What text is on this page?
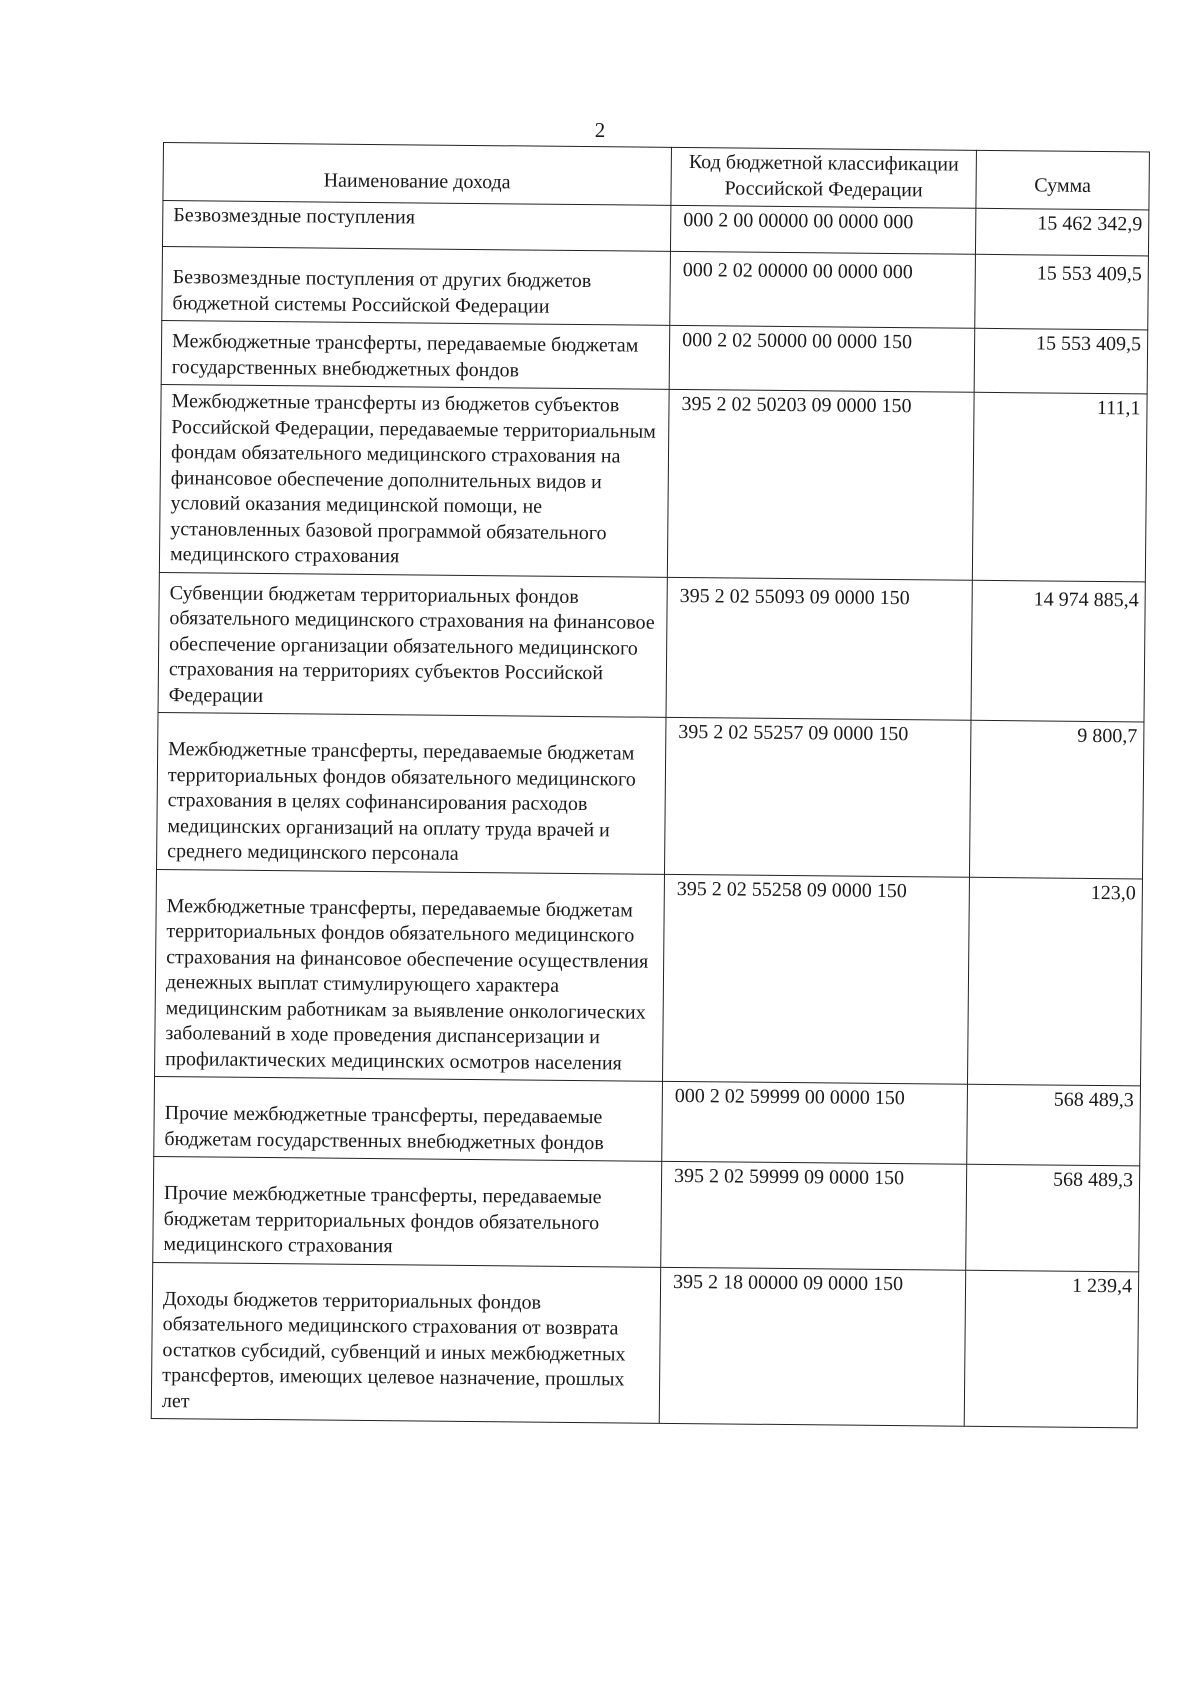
2
Наименование дохода	Код бюджетной классификации Российской Федерации	Сумма
Безвозмездные поступления	000 2 00 00000 00 0000 000	15 462 342,9
Безвозмездные поступления от других бюджетов бюджетной системы Российской Федерации	000 2 02 00000 00 0000 000	15 553 409,5
Межбюджетные трансферты, передаваемые бюджетам государственных внебюджетных фондов	000 2 02 50000 00 0000 150	15 553 409,5
Межбюджетные трансферты из бюджетов субъектов Российской Федерации, передаваемые территориальным фондам обязательного медицинского страхования на финансовое обеспечение дополнительных видов и условий оказания медицинской помощи, не установленных базовой программой обязательного медицинского страхования	395 2 02 50203 09 0000 150	111,1
Субвенции бюджетам территориальных фондов обязательного медицинского страхования на финансовое обеспечение организации обязательного медицинского страхования на территориях субъектов Российской Федерации	395 2 02 55093 09 0000 150	14 974 885,4
Межбюджетные трансферты, передаваемые бюджетам территориальных фондов обязательного медицинского страхования в целях софинансирования расходов медицинских организаций на оплату труда врачей и среднего медицинского персонала	395 2 02 55257 09 0000 150	9 800,7
Межбюджетные трансферты, передаваемые бюджетам территориальных фондов обязательного медицинского страхования на финансовое обеспечение осуществления денежных выплат стимулирующего характера медицинским работникам за выявление онкологических заболеваний в ходе проведения диспансеризации и профилактических медицинских осмотров населения	395 2 02 55258 09 0000 150	123,0
Прочие межбюджетные трансферты, передаваемые бюджетам государственных внебюджетных фондов	000 2 02 59999 00 0000 150	568 489,3
Прочие межбюджетные трансферты, передаваемые бюджетам территориальных фондов обязательного медицинского страхования	395 2 02 59999 09 0000 150	568 489,3
Доходы бюджетов территориальных фондов обязательного медицинского страхования от возврата остатков субсидий, субвенций и иных межбюджетных трансфертов, имеющих целевое назначение, прошлых лет	395 2 18 00000 09 0000 150	1 239,4
